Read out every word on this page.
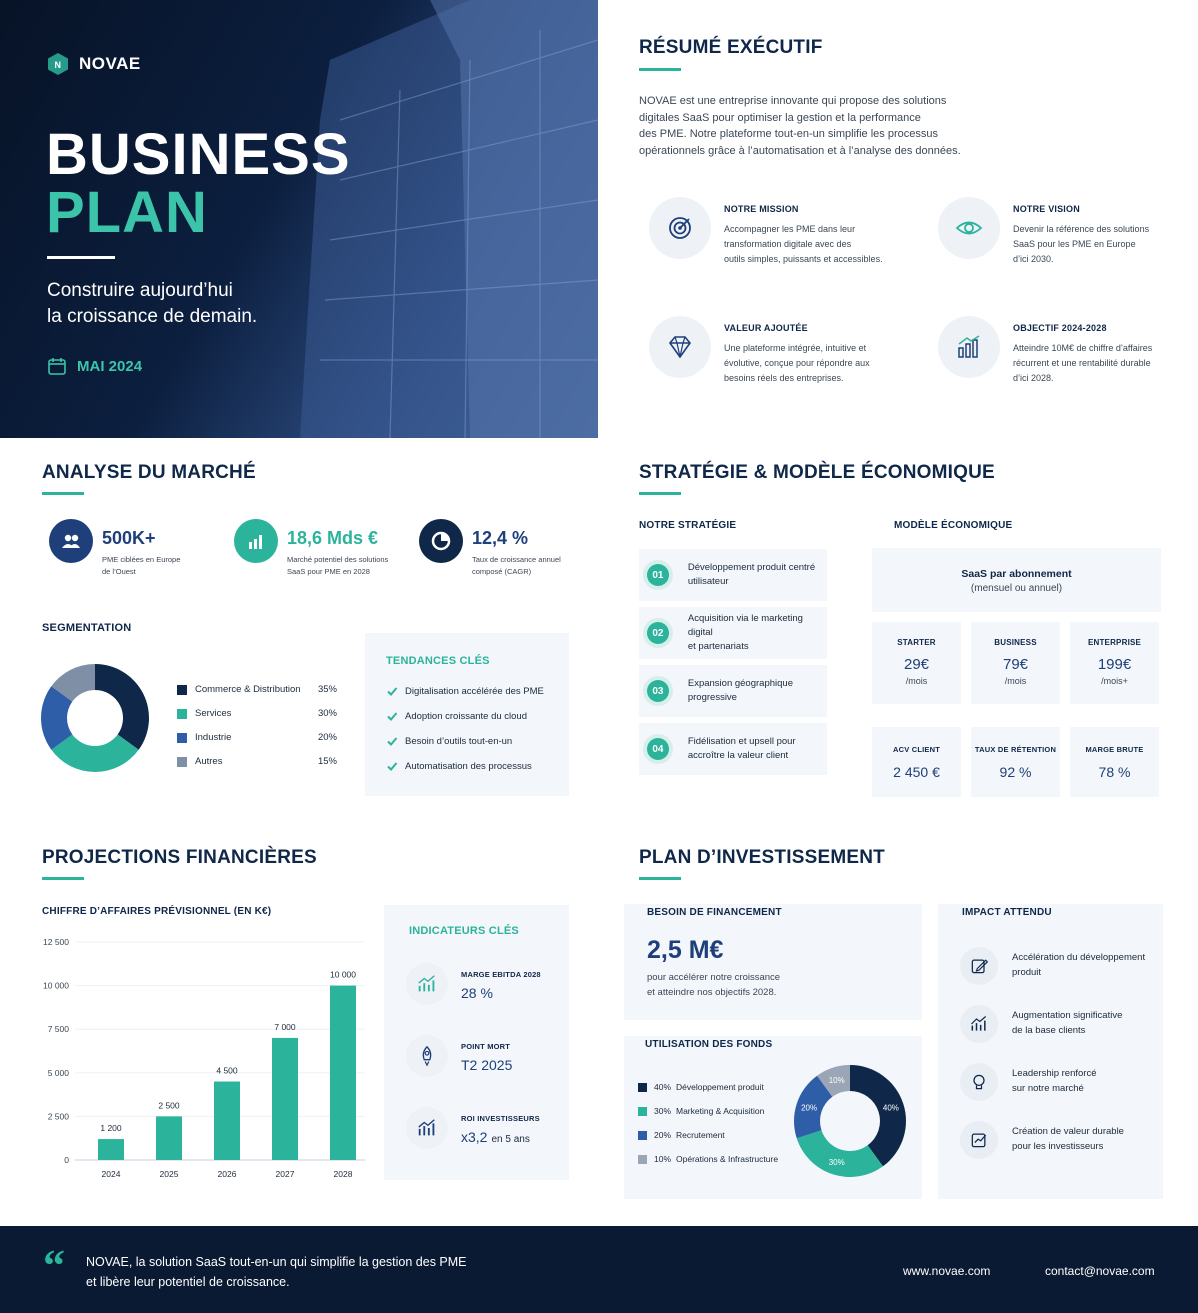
N NOVAE
BUSINESS
PLAN
Construire aujourd’hui
la croissance de demain.
MAI 2024
RÉSUMÉ EXÉCUTIF
NOVAE est une entreprise innovante qui propose des solutions
digitales SaaS pour optimiser la gestion et la performance
des PME. Notre plateforme tout-en-un simplifie les processus
opérationnels grâce à l’automatisation et à l’analyse des données.
ANALYSE DU MARCHÉ
SEGMENTATION
TENDANCES CLÉS
Digitalisation accélérée des PME
Adoption croissante du cloud
Besoin d’outils tout-en-un
Automatisation des processus
STRATÉGIE & MODÈLE ÉCONOMIQUE
NOTRE STRATÉGIE	MODÈLE ÉCONOMIQUE
SaaS par abonnement
(mensuel ou annuel)
PROJECTIONS FINANCIÈRES
CHIFFRE D’AFFAIRES PRÉVISIONNEL (EN K€)
0
2 500
5 000
7 500
10 000
12 500
1 200
2024
2 500
2025
4 500
2026
7 000
2027
10 000
2028
INDICATEURS CLÉS
MARGE EBITDA 2028
28 %
POINT MORT
T2 2025
ROI INVESTISSEURS
x3,2 en 5 ans
PLAN D’INVESTISSEMENT
BESOIN DE FINANCEMENT
2,5 M€
pour accélérer notre croissance
et atteindre nos objectifs 2028.
UTILISATION DES FONDS
40%
30%
20%
10%
40% Développement produit
30% Marketing & Acquisition
20% Recrutement
10% Opérations & Infrastructure
IMPACT ATTENDU
Accélération du développement
produit
Augmentation significative
de la base clients
Leadership renforcé
sur notre marché
Création de valeur durable
pour les investisseurs
“ NOVAE, la solution SaaS tout-en-un qui simplifie la gestion des PME
et libère leur potentiel de croissance.
www.novae.com	contact@novae.com
NOTRE MISSION
Accompagner les PME dans leur
transformation digitale avec des
outils simples, puissants et accessibles.
NOTRE VISION
Devenir la référence des solutions
SaaS pour les PME en Europe
d’ici 2030.
VALEUR AJOUTÉE
Une plateforme intégrée, intuitive et
évolutive, conçue pour répondre aux
besoins réels des entreprises.
OBJECTIF 2024-2028
Atteindre 10M€ de chiffre d’affaires
récurrent et une rentabilité durable
d’ici 2028.
500K+
PME ciblées en Europe
de l’Ouest
18,6 Mds €
Marché potentiel des solutions
SaaS pour PME en 2028
12,4 %
Taux de croissance annuel
composé (CAGR)
Commerce & Distribution	35%
Services	30%
Industrie	20%
Autres	15%
01
Développement produit centré
utilisateur
02
Acquisition via le marketing digital
et partenariats
03
Expansion géographique
progressive
04
Fidélisation et upsell pour
accroître la valeur client
STARTER
29€
/mois
BUSINESS
79€
/mois
ENTERPRISE
199€
/mois+
ACV CLIENT
2 450 €
TAUX DE RÉTENTION
92 %
MARGE BRUTE
78 %
